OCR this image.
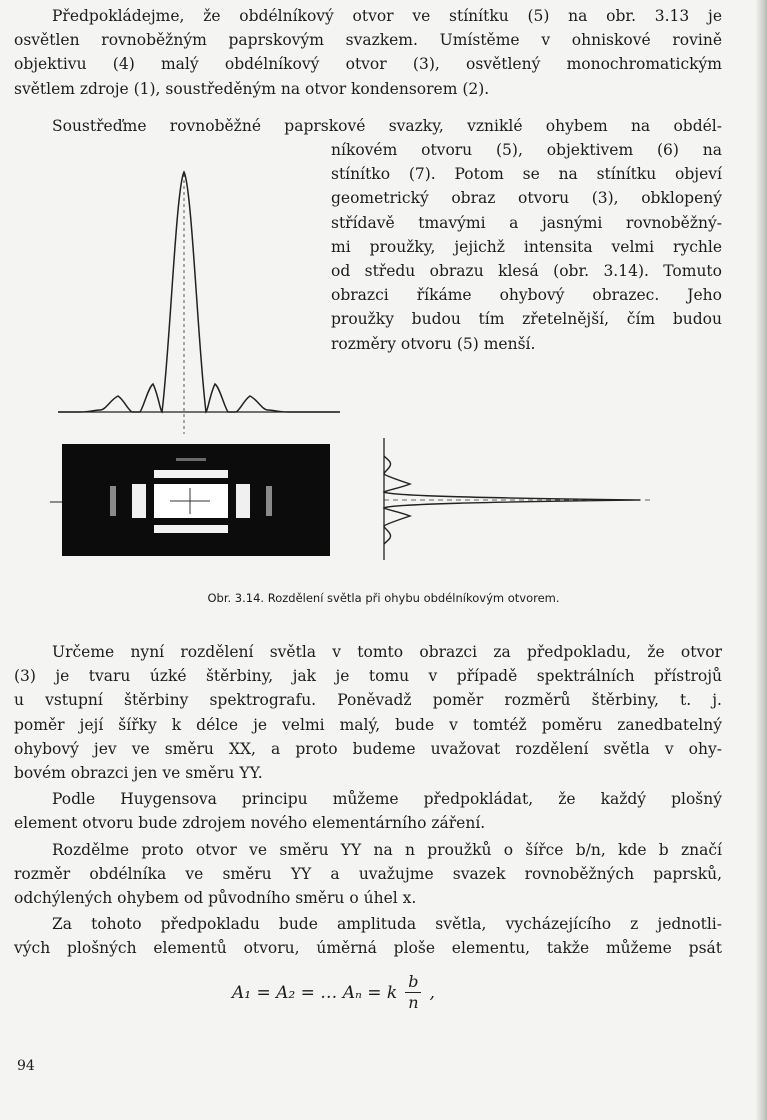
Předpokládejme, že obdélníkový otvor ve stínítku (5) na obr. 3.13 je
osvětlen rovnoběžným paprskovým svazkem. Umístěme v ohniskové rovině
objektivu (4) malý obdélníkový otvor (3), osvětlený monochromatickým
světlem zdroje (1), soustředěným na otvor kondensorem (2).
Soustřeďme rovnoběžné paprskové svazky, vzniklé ohybem na obdél-
níkovém otvoru (5), objektivem (6) na
stínítko (7). Potom se na stínítku objeví
geometrický obraz otvoru (3), obklopený
střídavě tmavými a jasnými rovnoběžný-
mi proužky, jejichž intensita velmi rychle
od středu obrazu klesá (obr. 3.14). Tomuto
obrazci říkáme ohybový obrazec. Jeho
proužky budou tím zřetelnější, čím budou
rozměry otvoru (5) menší.
Obr. 3.14. Rozdělení světla při ohybu obdélníkovým otvorem.
Určeme nyní rozdělení světla v tomto obrazci za předpokladu, že otvor
(3) je tvaru úzké štěrbiny, jak je tomu v případě spektrálních přístrojů
u vstupní štěrbiny spektrografu. Poněvadž poměr rozměrů štěrbiny, t. j.
poměr její šířky k délce je velmi malý, bude v tomtéž poměru zanedbatelný
ohybový jev ve směru XX, a proto budeme uvažovat rozdělení světla v ohy-
bovém obrazci jen ve směru YY.
Podle Huygensova principu můžeme předpokládat, že každý plošný
element otvoru bude zdrojem nového elementárního záření.
Rozdělme proto otvor ve směru YY na n proužků o šířce b/n, kde b značí
rozměr obdélníka ve směru YY a uvažujme svazek rovnoběžných paprsků,
odchýlených ohybem od původního směru o úhel x.
Za tohoto předpokladu bude amplituda světla, vycházejícího z jednotli-
vých plošných elementů otvoru, úměrná ploše elementu, takže můžeme psát
A₁ = A₂ = … Aₙ = k $\frac{b}{n}$ ,
94
